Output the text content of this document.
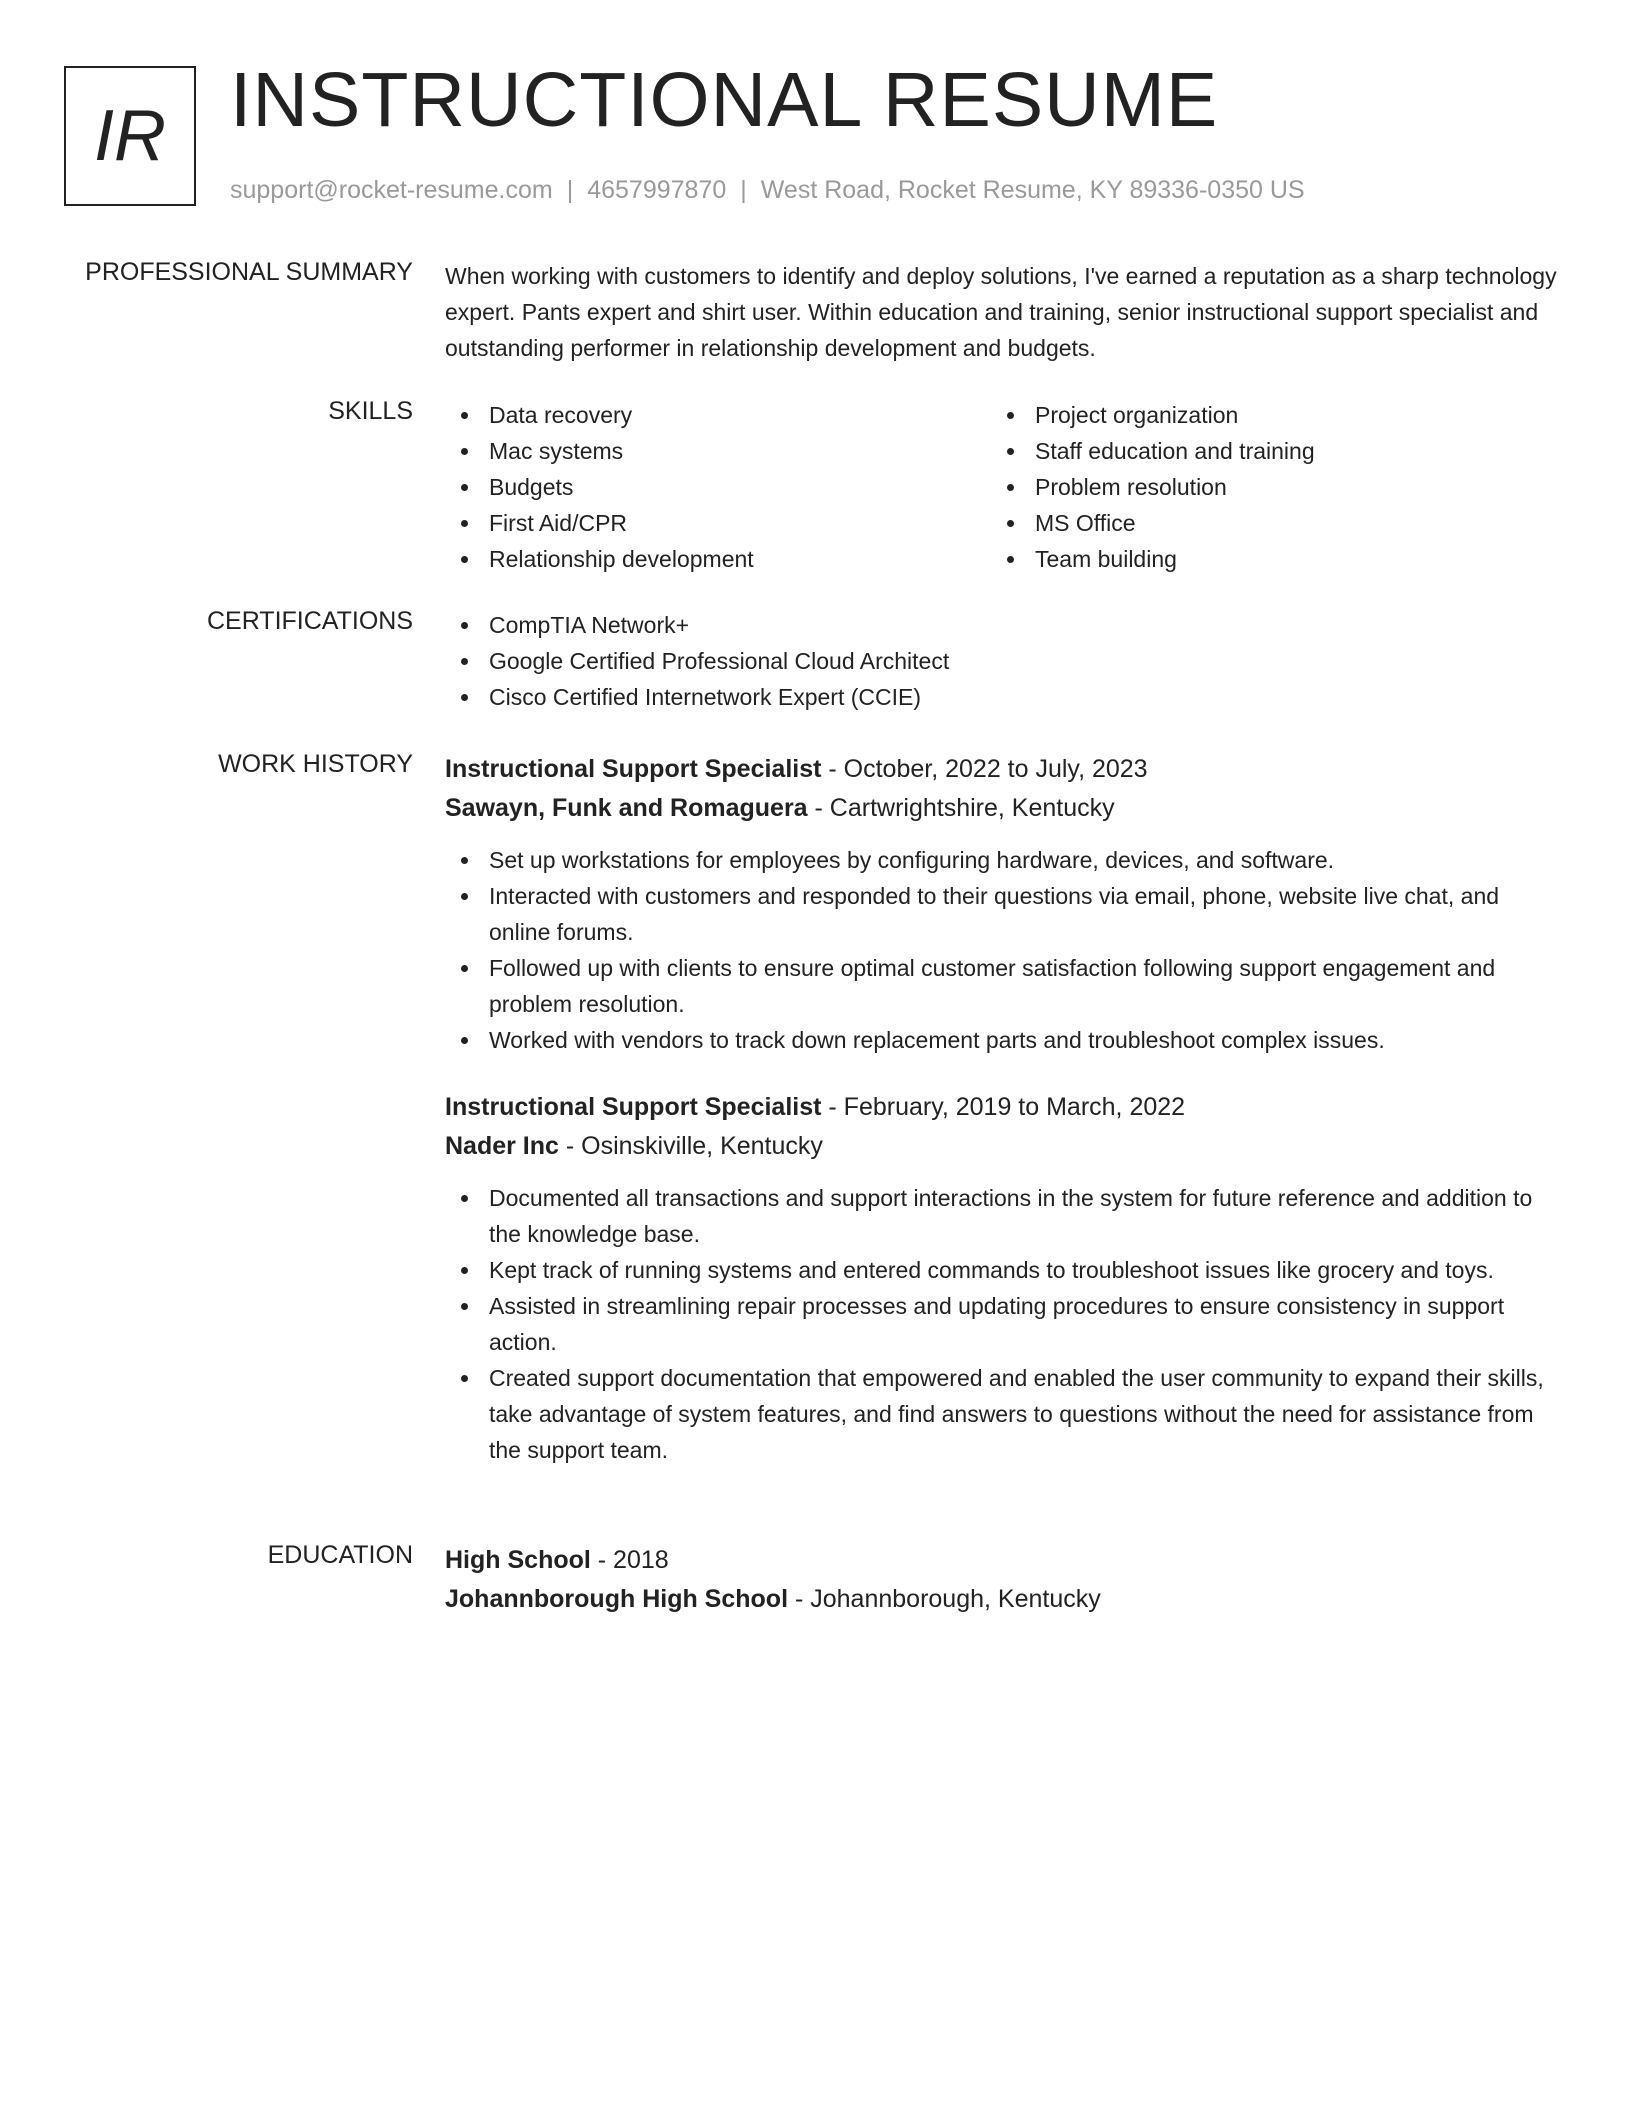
IR INSTRUCTIONAL RESUME
support@rocket-resume.com | 4657997870 | West Road, Rocket Resume, KY 89336-0350 US
PROFESSIONAL SUMMARY When working with customers to identify and deploy solutions, I've earned a reputation as a sharp technology expert. Pants expert and shirt user. Within education and training, senior instructional support specialist and outstanding performer in relationship development and budgets.

SKILLS	Data recovery
Mac systems
Budgets
First Aid/CPR
Relationship development
Project organization
Staff education and training
Problem resolution
MS Office
Team building
CERTIFICATIONS	CompTIA Network+
Google Certified Professional Cloud Architect
Cisco Certified Internetwork Expert (CCIE)
WORK HISTORY Instructional Support Specialist - October, 2022 to July, 2023
Sawayn, Funk and Romaguera - Cartwrightshire, Kentucky
Set up workstations for employees by configuring hardware, devices, and software.
Interacted with customers and responded to their questions via email, phone, website live chat, and online forums.
Followed up with clients to ensure optimal customer satisfaction following support engagement and problem resolution.
Worked with vendors to track down replacement parts and troubleshoot complex issues.
Instructional Support Specialist - February, 2019 to March, 2022
Nader Inc - Osinskiville, Kentucky
Documented all transactions and support interactions in the system for future reference and addition to the knowledge base.
Kept track of running systems and entered commands to troubleshoot issues like grocery and toys.
Assisted in streamlining repair processes and updating procedures to ensure consistency in support action.
Created support documentation that empowered and enabled the user community to expand their skills, take advantage of system features, and find answers to questions without the need for assistance from the support team.
EDUCATION High School - 2018
Johannborough High School - Johannborough, Kentucky
